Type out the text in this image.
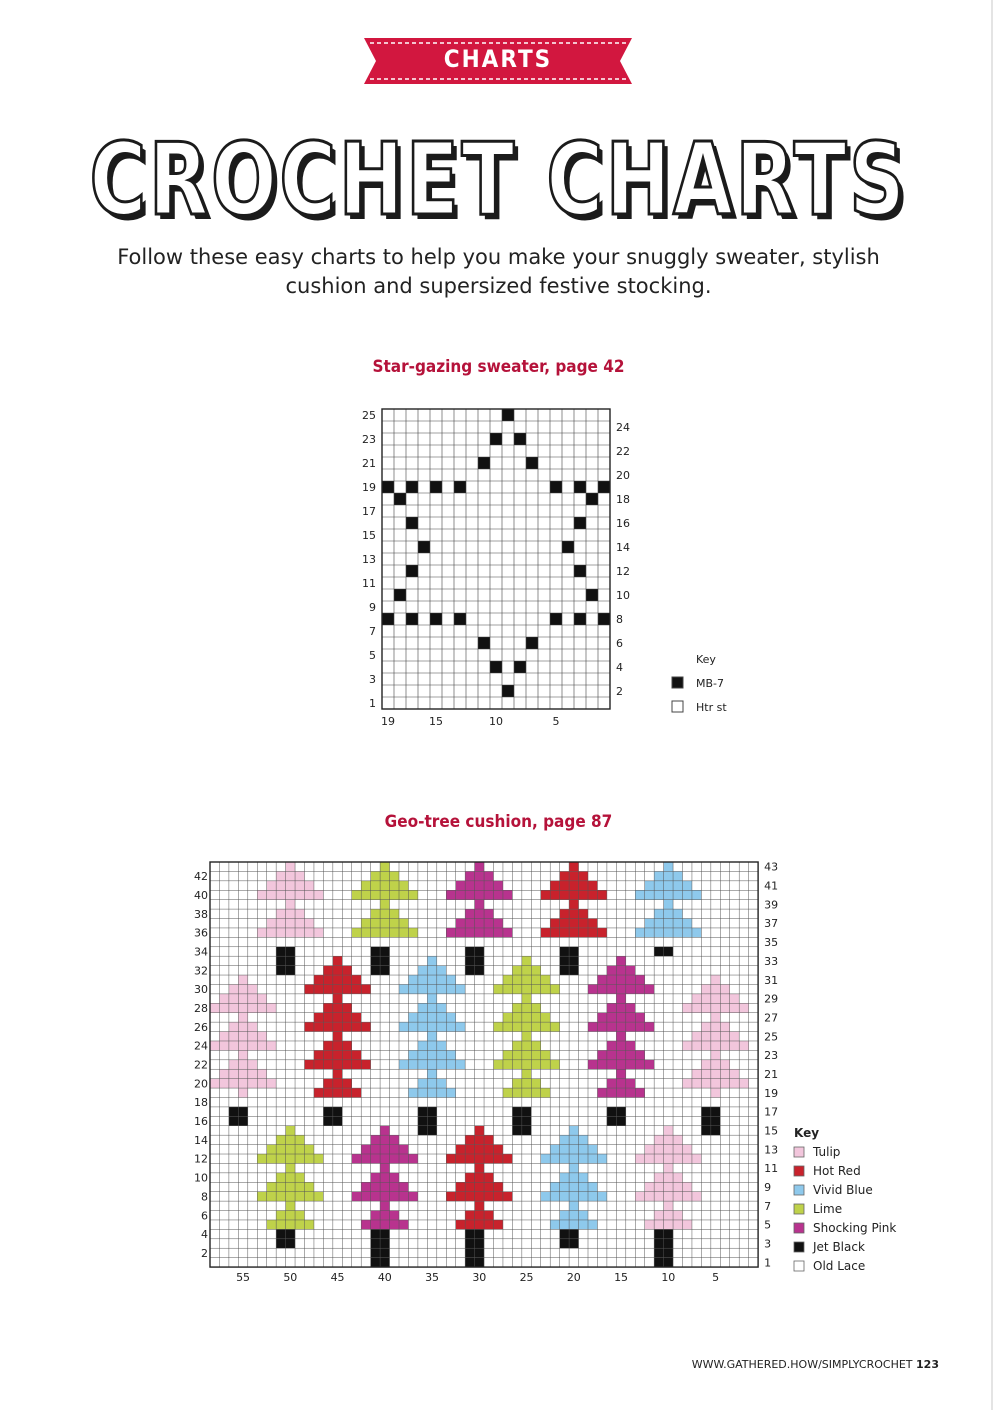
CHARTS
CROCHET CHARTS
Follow these easy charts to help you make your snuggly sweater, stylish cushion and supersized festive stocking.
Star-gazing sweater, page 42
25
23
21
19
17
15
13
11
9
7
5
3
1
24
22
20
18
16
14
12
10
8
6
4
2
19	15	10	5
Key
MB-7
Htr st
Geo-tree cushion, page 87
42
40
38
36
34
32
30
28
26
24
22
20
18
16
14
12
10
8
6
4
2
43
41
39
37
35
33
31
29
27
25
23
21
19
17
15
13
11
9
7
5
3
1
55	50	45	40	35	30	25	20	15	10	5
Key
Tulip
Hot Red
Vivid Blue
Lime
Shocking Pink
Jet Black
Old Lace
WWW.GATHERED.HOW/SIMPLYCROCHET 123
